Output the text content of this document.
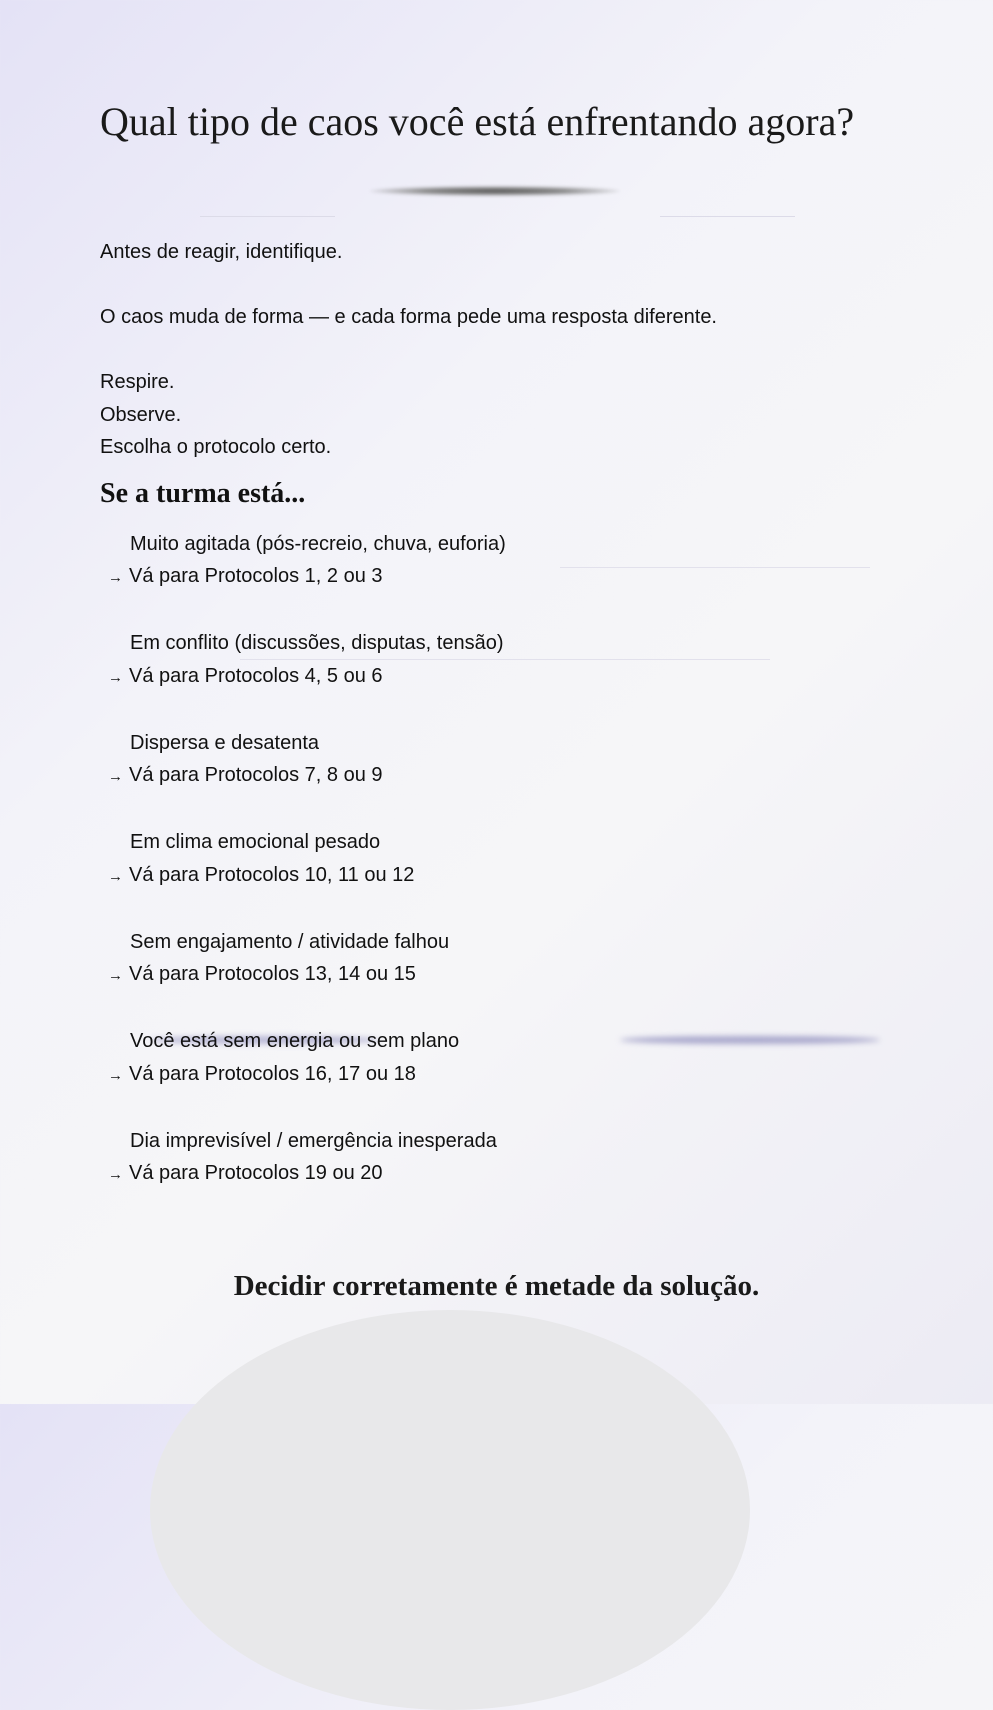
Qual tipo de caos você está enfrentando agora?

Antes de reagir, identifique.

O caos muda de forma — e cada forma pede uma resposta diferente.

Respire.

Observe.

Escolha o protocolo certo.

Se a turma está...

Muito agitada (pós-recreio, chuva, euforia)

→ Vá para Protocolos 1, 2 ou 3

Em conflito (discussões, disputas, tensão)

→ Vá para Protocolos 4, 5 ou 6

Dispersa e desatenta

→ Vá para Protocolos 7, 8 ou 9

Em clima emocional pesado

→ Vá para Protocolos 10, 11 ou 12

Sem engajamento / atividade falhou

→ Vá para Protocolos 13, 14 ou 15

Você está sem energia ou sem plano

→ Vá para Protocolos 16, 17 ou 18

Dia imprevisível / emergência inesperada

→ Vá para Protocolos 19 ou 20

Decidir corretamente é metade da solução.
